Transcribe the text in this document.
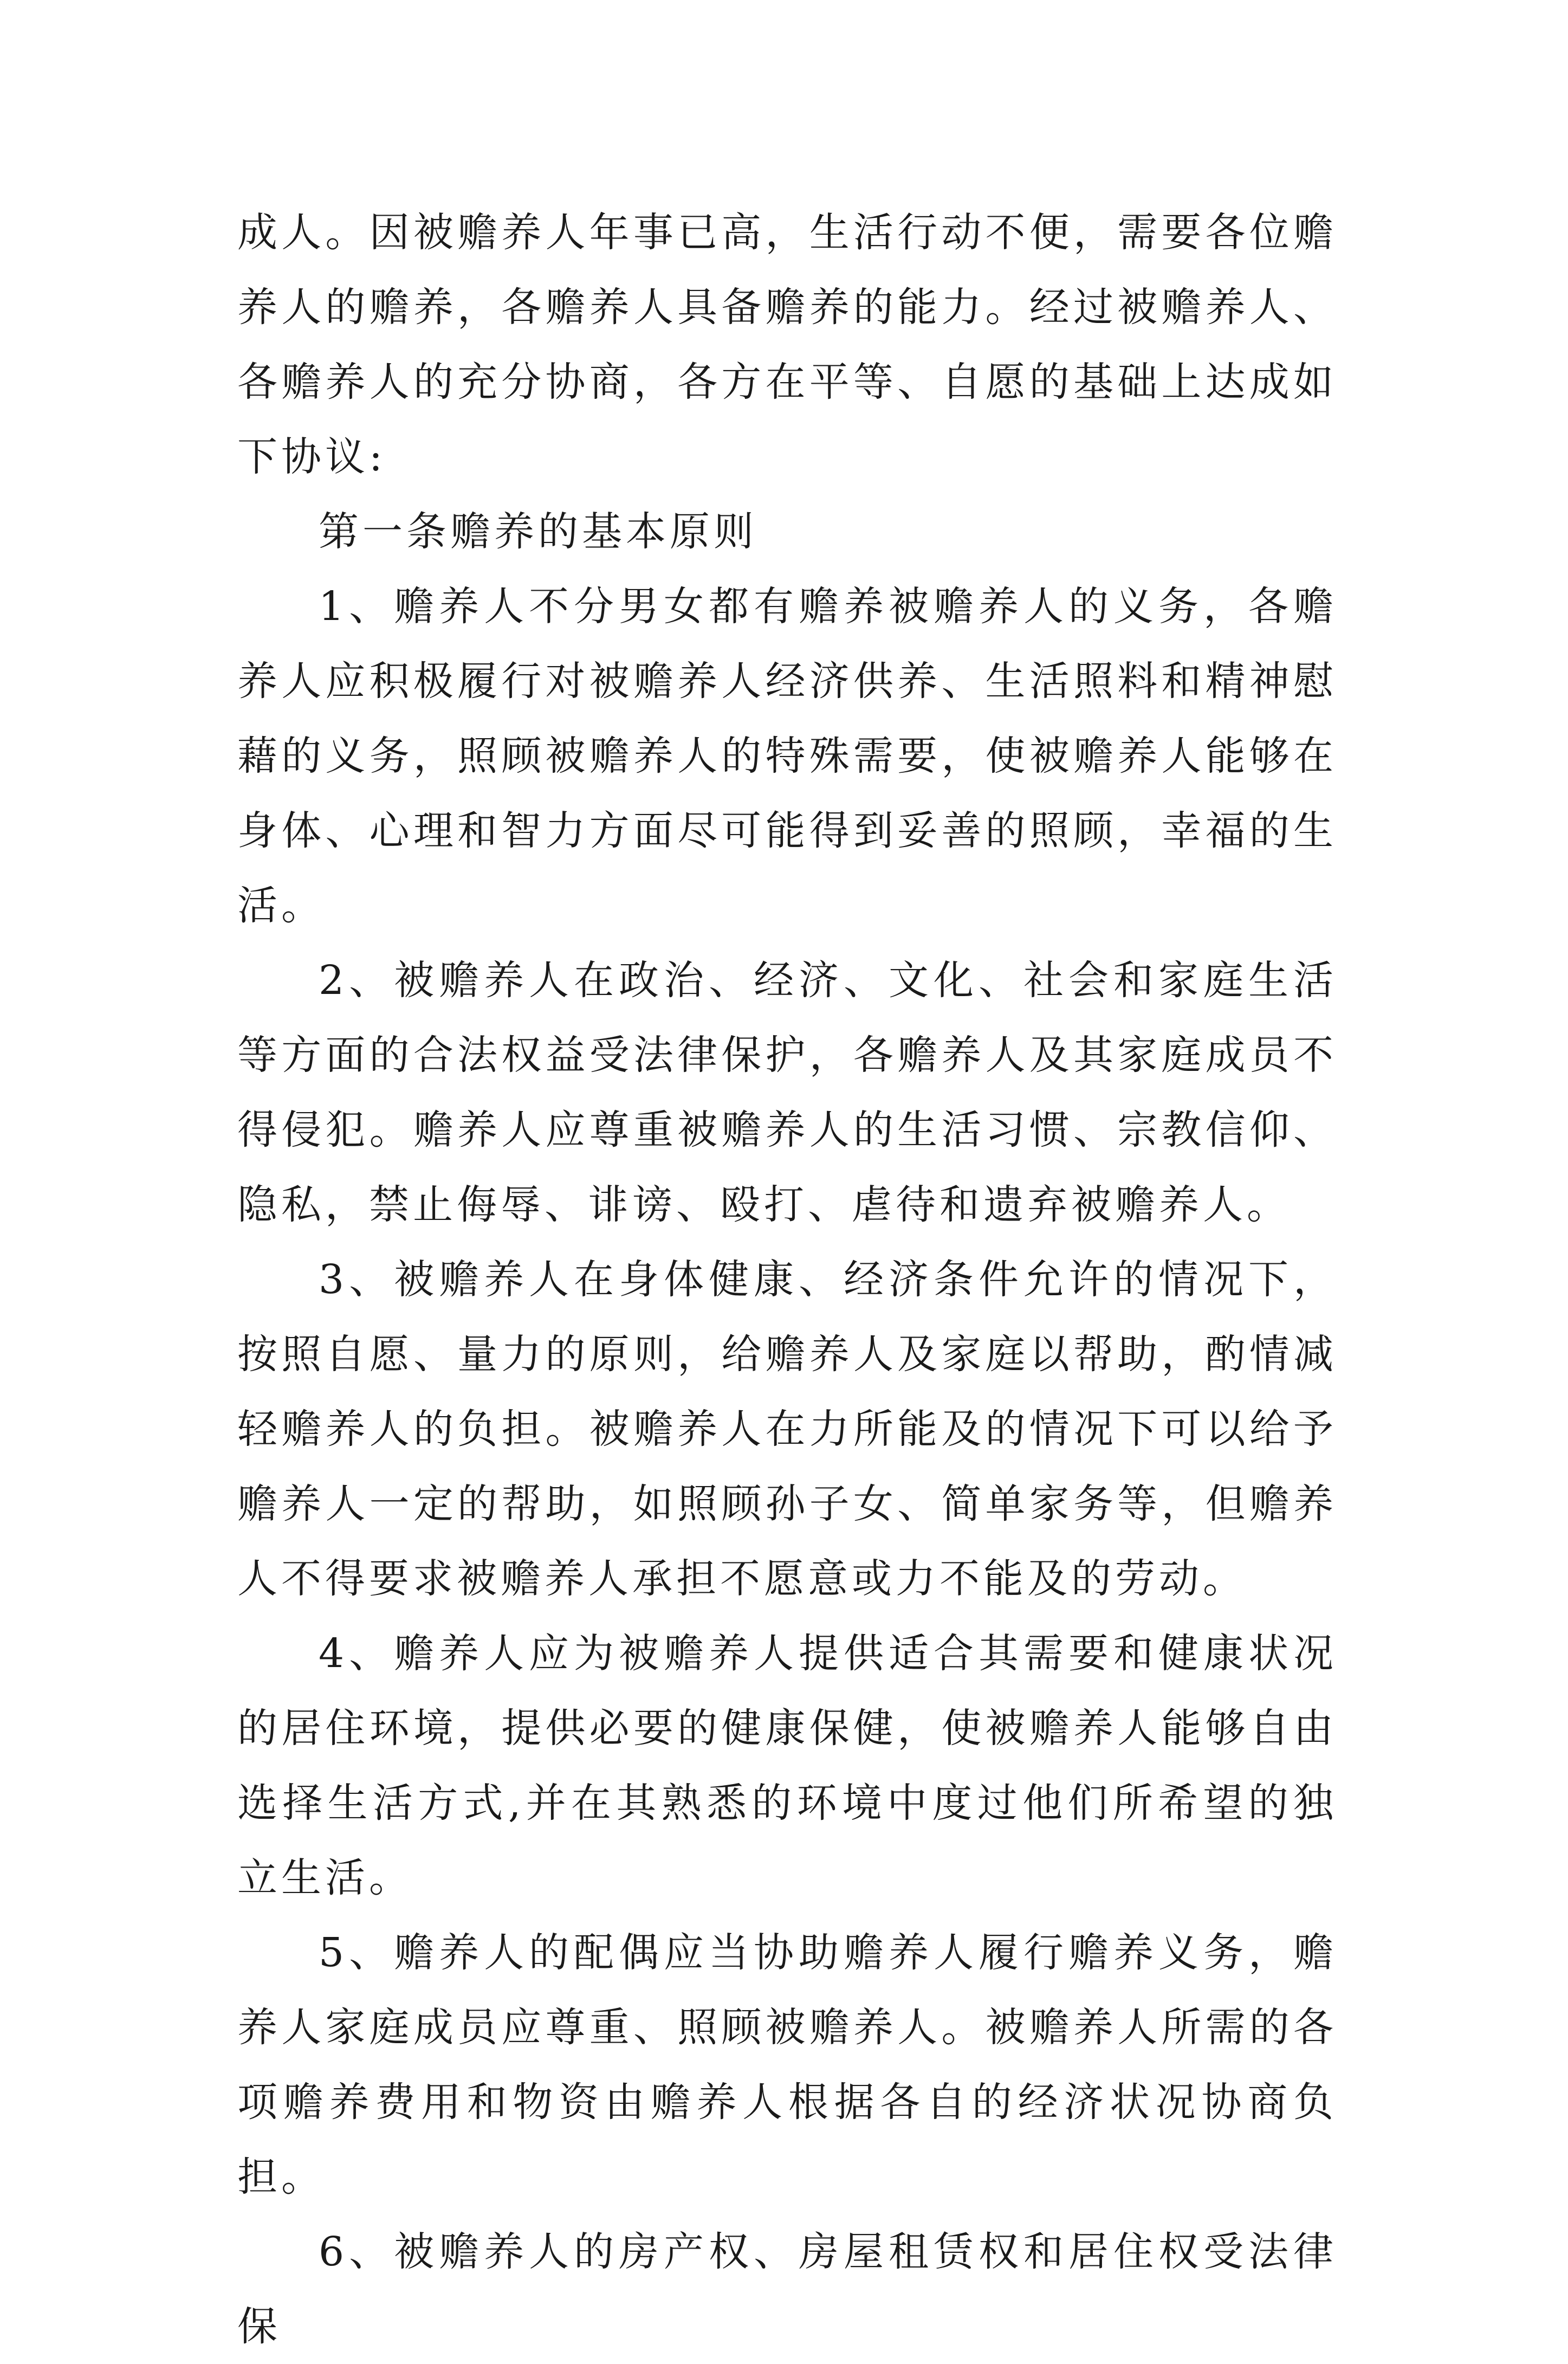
成人。因被赡养人年事已高，生活行动不便，需要各位赡养人的赡养，各赡养人具备赡养的能力。经过被赡养人、各赡养人的充分协商，各方在平等、自愿的基础上达成如下协议:

第一条赡养的基本原则

1、赡养人不分男女都有赡养被赡养人的义务，各赡养人应积极履行对被赡养人经济供养、生活照料和精神慰藉的义务，照顾被赡养人的特殊需要，使被赡养人能够在身体、心理和智力方面尽可能得到妥善的照顾，幸福的生活。

2、被赡养人在政治、经济、文化、社会和家庭生活等方面的合法权益受法律保护，各赡养人及其家庭成员不得侵犯。赡养人应尊重被赡养人的生活习惯、宗教信仰、隐私，禁止侮辱、诽谤、殴打、虐待和遗弃被赡养人。

3、被赡养人在身体健康、经济条件允许的情况下，按照自愿、量力的原则，给赡养人及家庭以帮助，酌情减轻赡养人的负担。被赡养人在力所能及的情况下可以给予赡养人一定的帮助，如照顾孙子女、简单家务等，但赡养人不得要求被赡养人承担不愿意或力不能及的劳动。

4、赡养人应为被赡养人提供适合其需要和健康状况的居住环境，提供必要的健康保健，使被赡养人能够自由选择生活方式,并在其熟悉的环境中度过他们所希望的独立生活。

5、赡养人的配偶应当协助赡养人履行赡养义务，赡养人家庭成员应尊重、照顾被赡养人。被赡养人所需的各项赡养费用和物资由赡养人根据各自的经济状况协商负担。

6、被赡养人的房产权、房屋租赁权和居住权受法律保
